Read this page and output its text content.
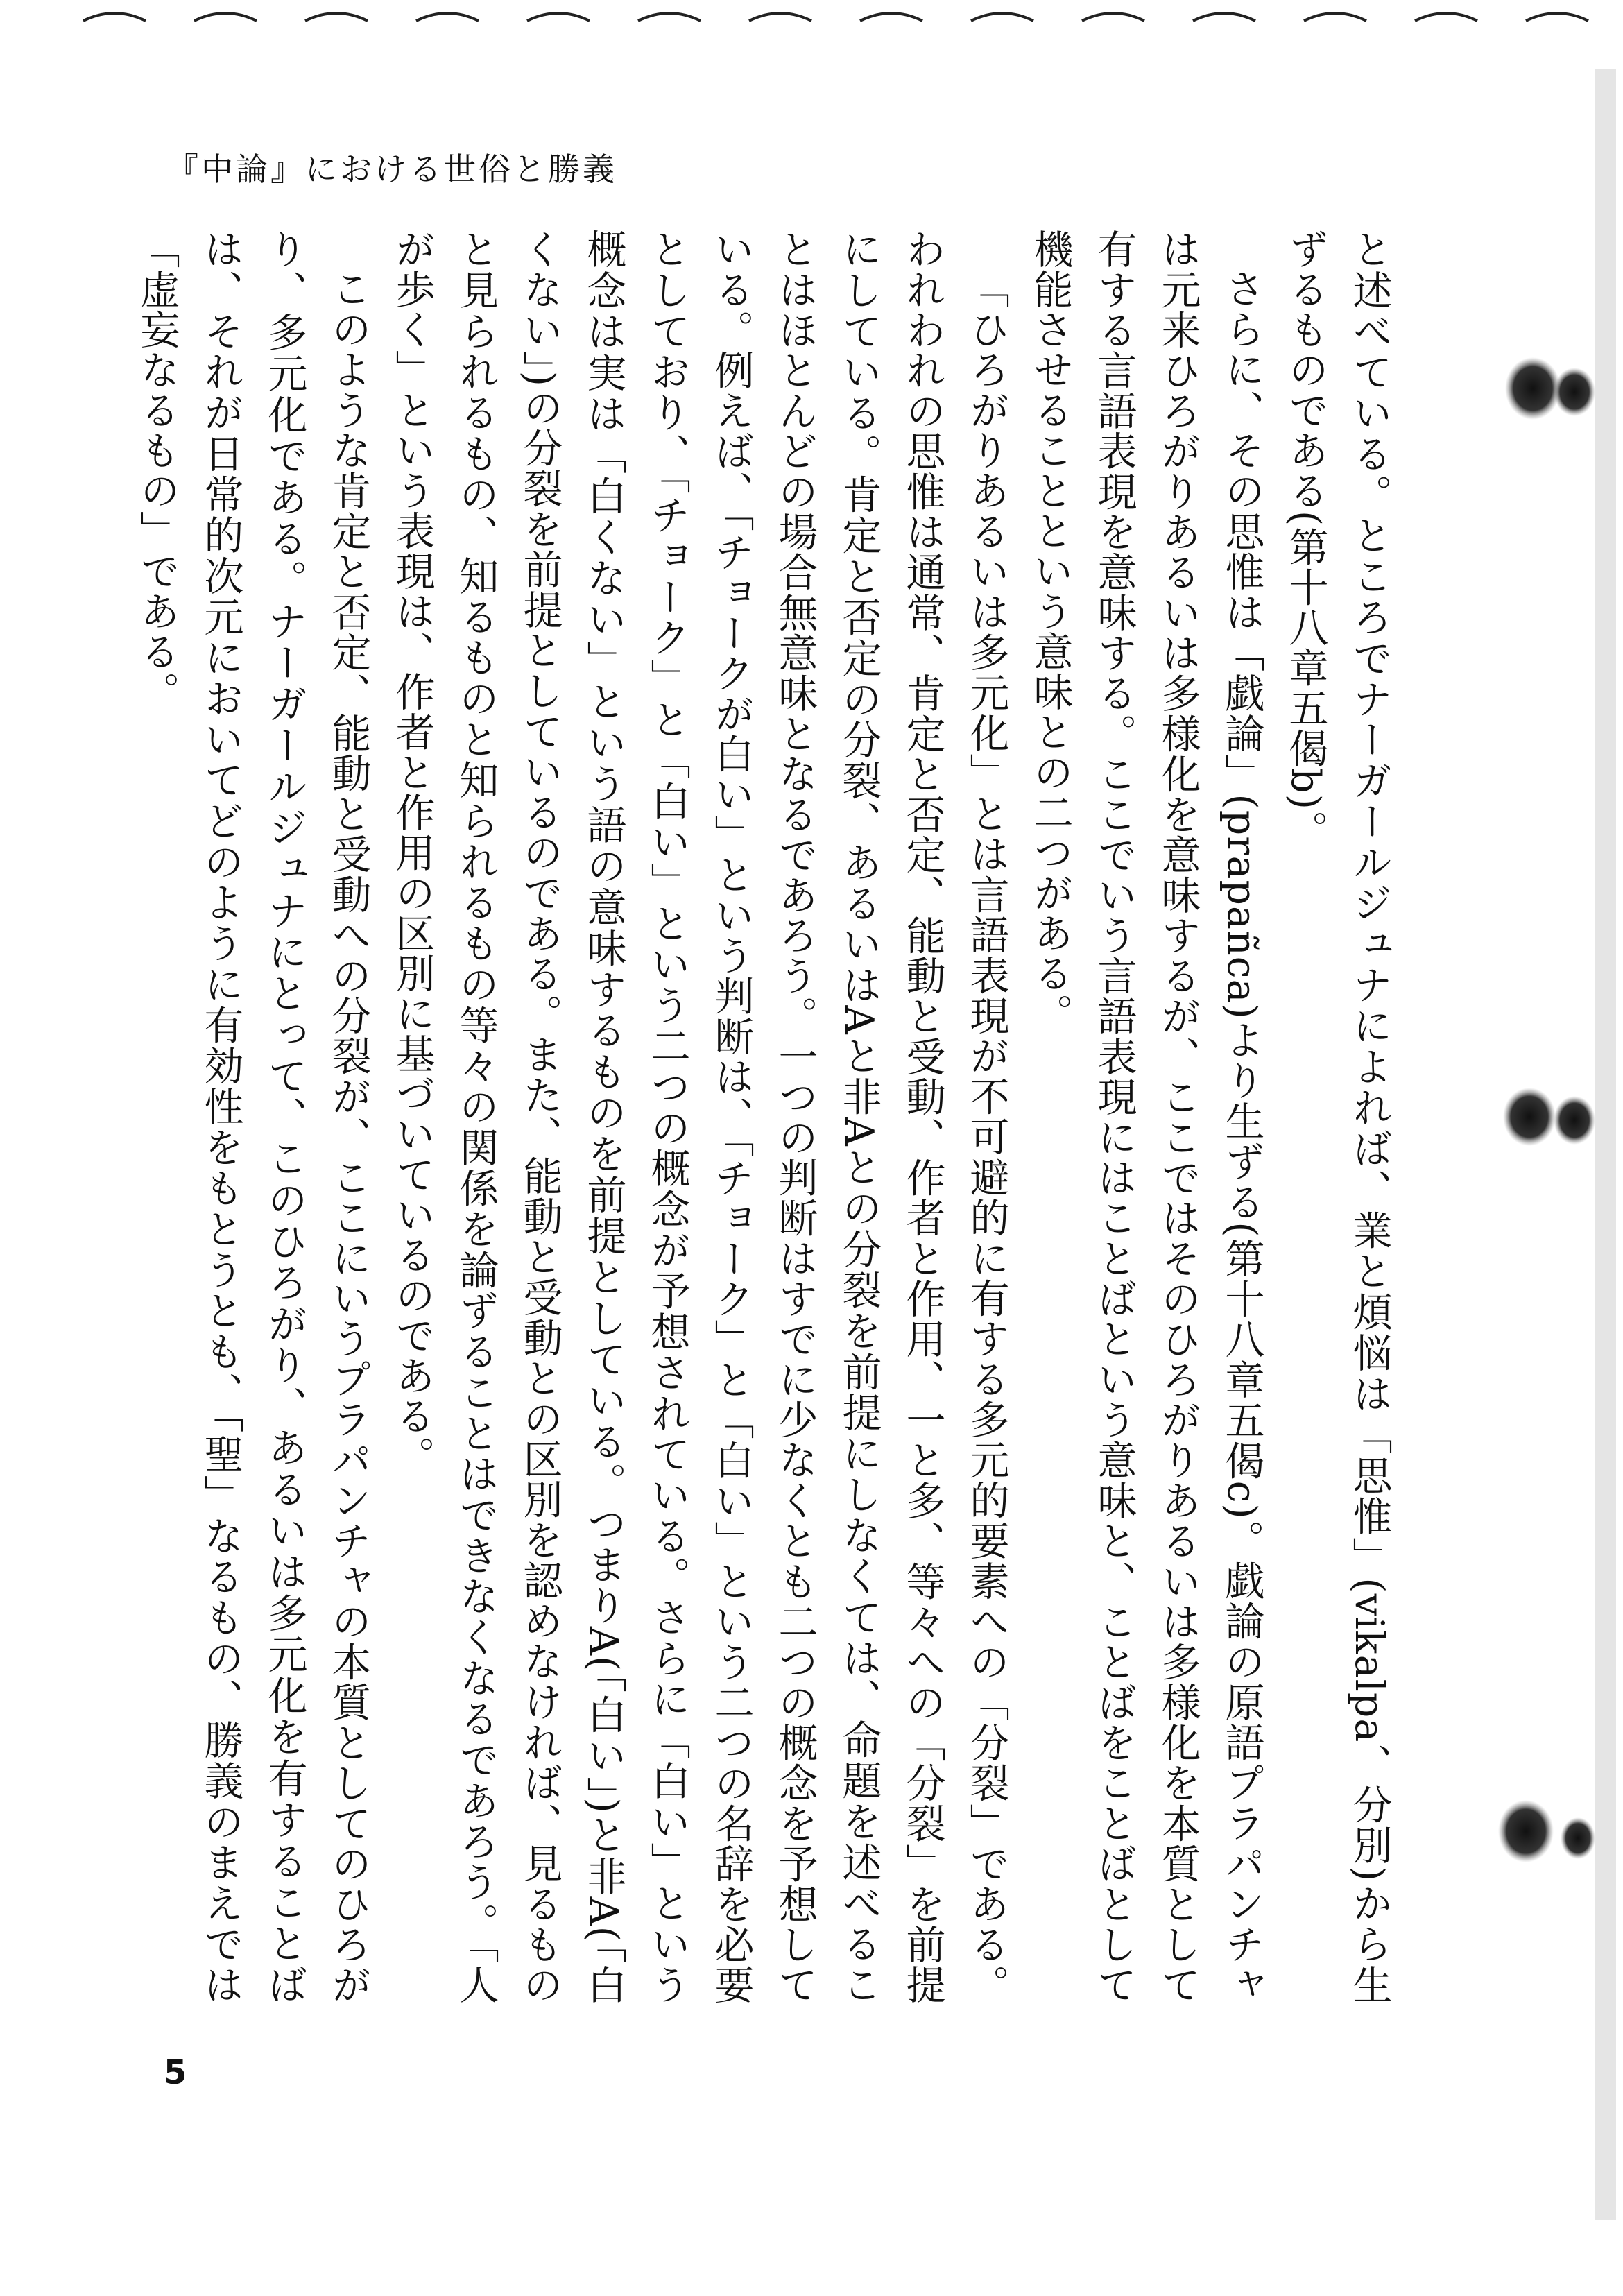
『中論』における世俗と勝義

と述べている。ところでナーガールジュナによれば、業と煩悩は「思惟」(vikalpa、分別)から生ずるものである(第十八章五偈b)。

さらに、その思惟は「戯論」(prapañca)より生ずる(第十八章五偈c)。戯論の原語プラパンチャは元来ひろがりあるいは多様化を意味するが、ここではそのひろがりあるいは多様化を本質として有する言語表現を意味する。ここでいう言語表現にはことばという意味と、ことばをことばとして機能させることという意味との二つがある。

「ひろがりあるいは多元化」とは言語表現が不可避的に有する多元的要素への「分裂」である。われわれの思惟は通常、肯定と否定、能動と受動、作者と作用、一と多、等々への「分裂」を前提にしている。肯定と否定の分裂、あるいはAと非Aとの分裂を前提にしなくては、命題を述べることはほとんどの場合無意味となるであろう。一つの判断はすでに少なくとも二つの概念を予想している。例えば、「チョークが白い」という判断は、「チョーク」と「白い」という二つの名辞を必要としており、「チョーク」と「白い」という二つの概念が予想されている。さらに「白い」という概念は実は「白くない」という語の意味するものを前提としている。つまりA(「白い」)と非A(「白くない」)の分裂を前提としているのである。また、能動と受動との区別を認めなければ、見るものと見られるもの、知るものと知られるもの等々の関係を論ずることはできなくなるであろう。「人が歩く」という表現は、作者と作用の区別に基づいているのである。

このような肯定と否定、能動と受動への分裂が、ここにいうプラパンチャの本質としてのひろがり、多元化である。ナーガールジュナにとって、このひろがり、あるいは多元化を有することばは、それが日常的次元においてどのように有効性をもとうとも、「聖」なるもの、勝義のまえでは「虚妄なるもの」である。

5
